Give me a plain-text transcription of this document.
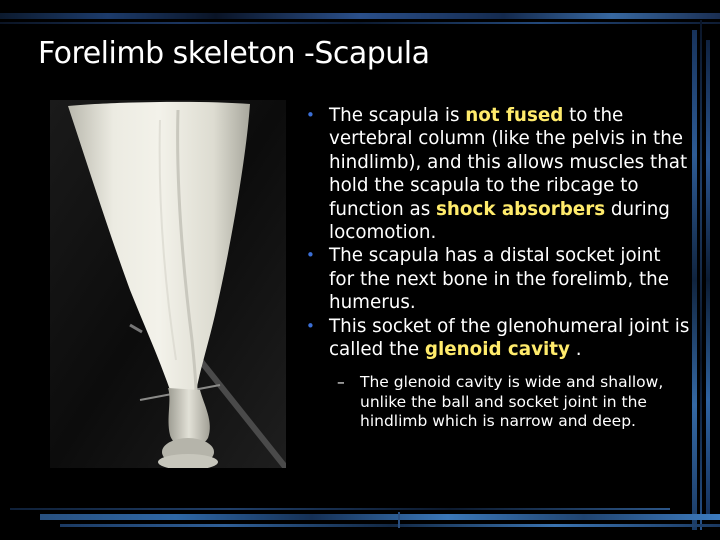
Forelimb skeleton -Scapula
• The scapula is not fused to the vertebral column (like the pelvis in the hindlimb), and this allows muscles that hold the scapula to the ribcage to function as shock absorbers during locomotion.
• The scapula has a distal socket joint for the next bone in the forelimb, the humerus.
• This socket of the glenohumeral joint is called the glenoid cavity .
– The glenoid cavity is wide and shallow, unlike the ball and socket joint in the hindlimb which is narrow and deep.
